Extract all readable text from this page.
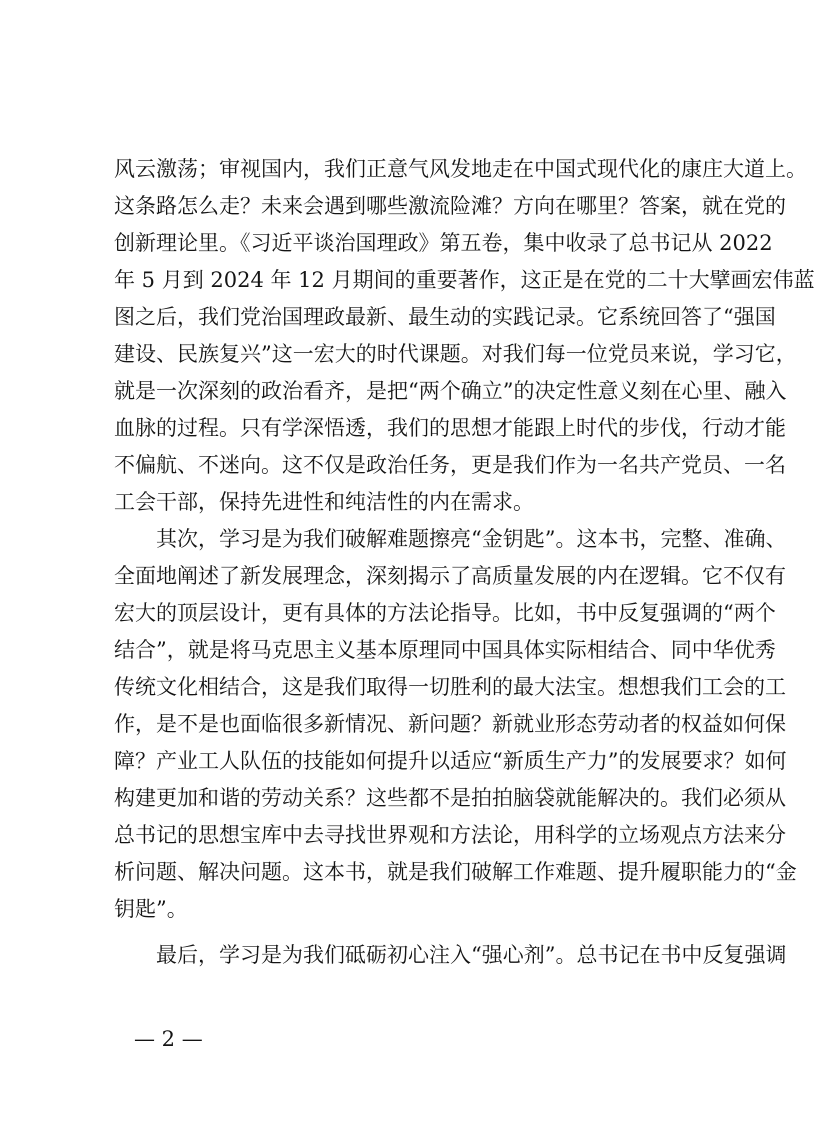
风云激荡；审视国内，我们正意气风发地走在中国式现代化的康庄大道上。
这条路怎么走？未来会遇到哪些激流险滩？方向在哪里？答案，就在党的
创新理论里。《习近平谈治国理政》第五卷，集中收录了总书记从 2022
年 5 月到 2024 年 12 月期间的重要著作，这正是在党的二十大擘画宏伟蓝
图之后，我们党治国理政最新、最生动的实践记录。它系统回答了“强国
建设、民族复兴”这一宏大的时代课题。对我们每一位党员来说，学习它，
就是一次深刻的政治看齐，是把“两个确立”的决定性意义刻在心里、融入
血脉的过程。只有学深悟透，我们的思想才能跟上时代的步伐，行动才能
不偏航、不迷向。这不仅是政治任务，更是我们作为一名共产党员、一名
工会干部，保持先进性和纯洁性的内在需求。
　　其次，学习是为我们破解难题擦亮“金钥匙”。这本书，完整、准确、
全面地阐述了新发展理念，深刻揭示了高质量发展的内在逻辑。它不仅有
宏大的顶层设计，更有具体的方法论指导。比如，书中反复强调的“两个
结合”，就是将马克思主义基本原理同中国具体实际相结合、同中华优秀
传统文化相结合，这是我们取得一切胜利的最大法宝。想想我们工会的工
作，是不是也面临很多新情况、新问题？新就业形态劳动者的权益如何保
障？产业工人队伍的技能如何提升以适应“新质生产力”的发展要求？如何
构建更加和谐的劳动关系？这些都不是拍拍脑袋就能解决的。我们必须从
总书记的思想宝库中去寻找世界观和方法论，用科学的立场观点方法来分
析问题、解决问题。这本书，就是我们破解工作难题、提升履职能力的“金
钥匙”。
　　最后，学习是为我们砥砺初心注入“强心剂”。总书记在书中反复强调
— 2 —
